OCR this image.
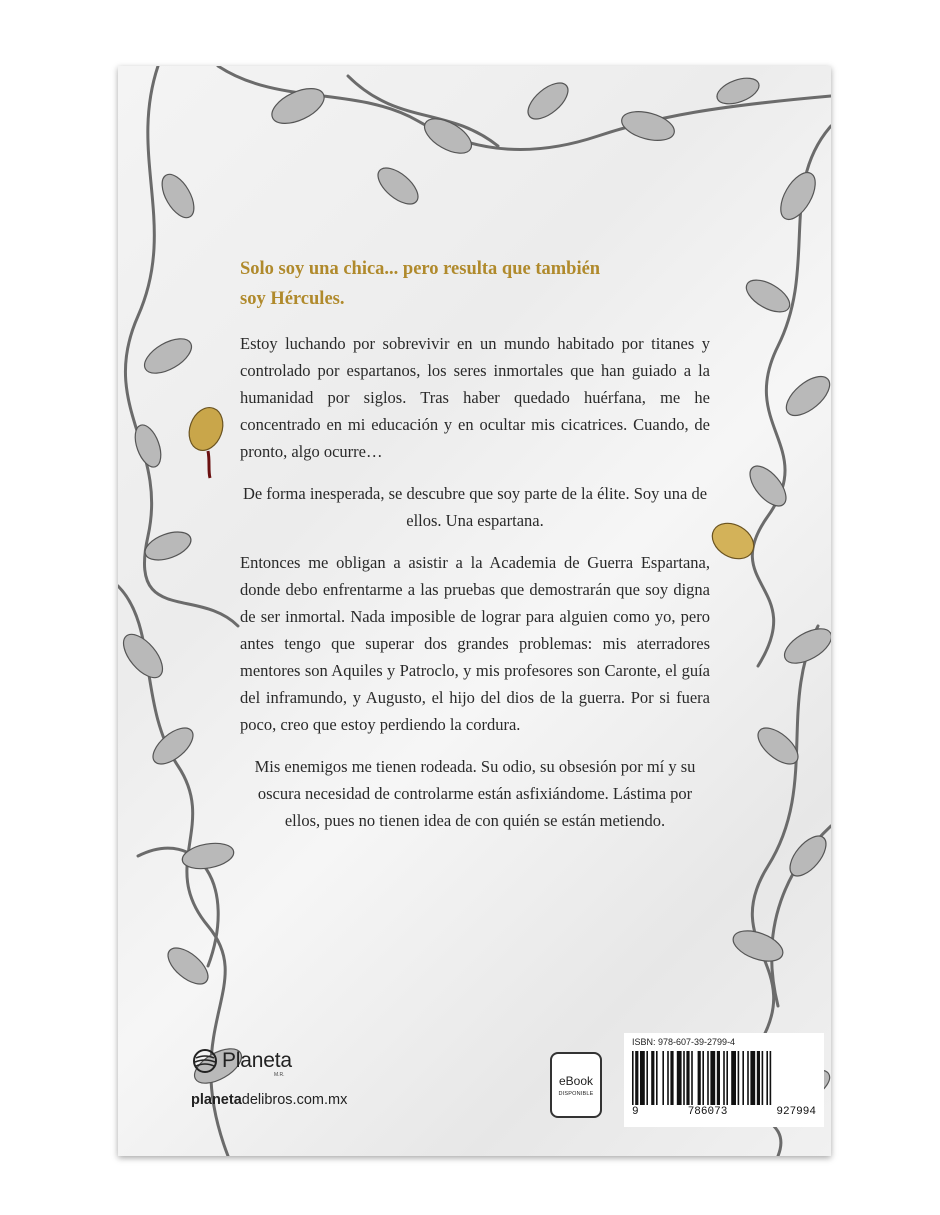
Solo soy una chica... pero resulta que también
soy Hércules.

Estoy luchando por sobrevivir en un mundo habitado por titanes y controlado por espartanos, los seres inmortales que han guiado a la humanidad por siglos. Tras haber quedado huérfana, me he concentrado en mi educación y en ocultar mis cicatrices. Cuando, de pronto, algo ocurre…

De forma inesperada, se descubre que soy parte de la élite. Soy una de ellos. Una espartana.

Entonces me obligan a asistir a la Academia de Guerra Espartana, donde debo enfrentarme a las pruebas que demostrarán que soy digna de ser inmortal. Nada imposible de lograr para alguien como yo, pero antes tengo que superar dos grandes problemas: mis aterradores mentores son Aquiles y Patroclo, y mis profesores son Caronte, el guía del inframundo, y Augusto, el hijo del dios de la guerra. Por si fuera poco, creo que estoy perdiendo la cordura.

Mis enemigos me tienen rodeada. Su odio, su obsesión por mí y su oscura necesidad de controlarme están asfixiándome. Lástima por ellos, pues no tienen idea de con quién se están metiendo.

Planeta
M.R.
planetadelibros.com.mx
eBook
DISPONIBLE
ISBN: 978-607-39-2799-4
9	786073	927994
